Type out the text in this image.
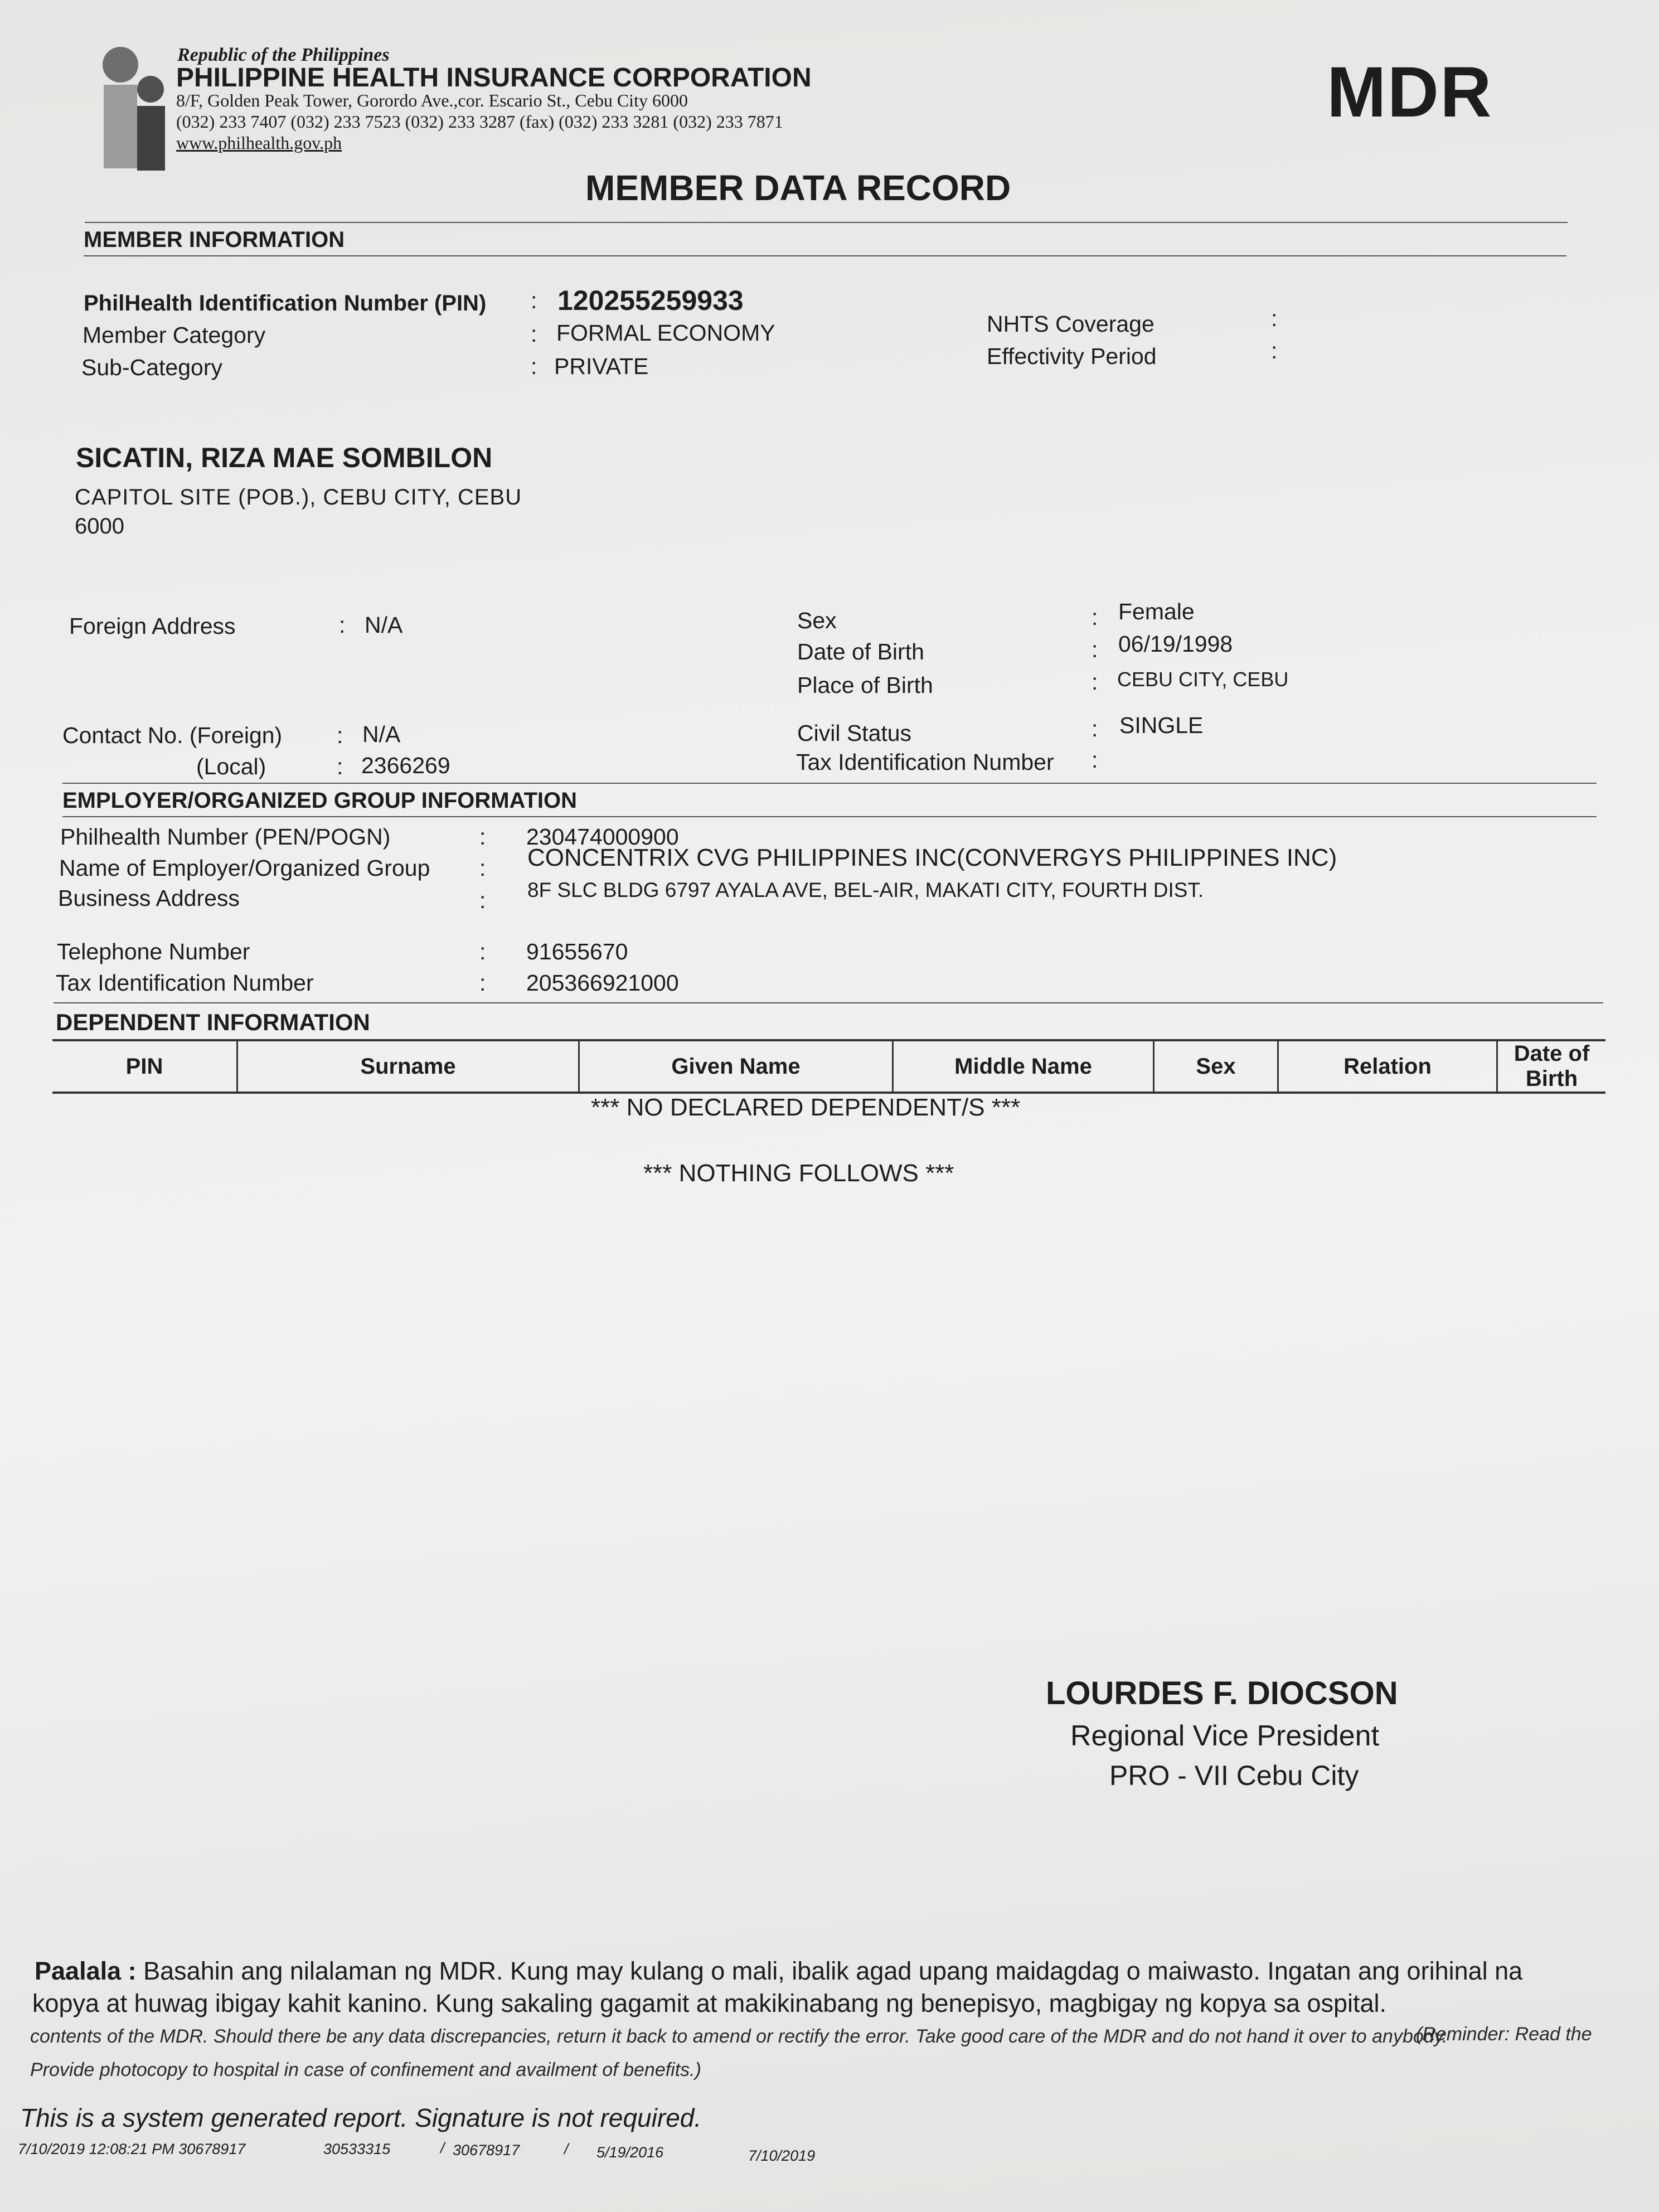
Republic of the Philippines
PHILIPPINE HEALTH INSURANCE CORPORATION
8/F, Golden Peak Tower, Gorordo Ave.,cor. Escario St., Cebu City 6000
(032) 233 7407 (032) 233 7523 (032) 233 3287 (fax) (032) 233 3281 (032) 233 7871
www.philhealth.gov.ph
MDR
MEMBER DATA RECORD
MEMBER INFORMATION
PhilHealth Identification Number (PIN) : 120255259933
Member Category	: FORMAL ECONOMY
Sub-Category	: PRIVATE
NHTS Coverage	:
Effectivity Period	:
SICATIN, RIZA MAE SOMBILON
CAPITOL SITE (POB.), CEBU CITY, CEBU
6000
Foreign Address	: N/A
Contact No. (Foreign) : N/A
(Local)	: 2366269
Sex	: Female
Date of Birth	: 06/19/1998
Place of Birth	: CEBU CITY, CEBU
Civil Status	: SINGLE
Tax Identification Number :
EMPLOYER/ORGANIZED GROUP INFORMATION
Philhealth Number (PEN/POGN)	: 230474000900
Name of Employer/Organized Group : CONCENTRIX CVG PHILIPPINES INC(CONVERGYS PHILIPPINES INC)
Business Address	: 8F SLC BLDG 6797 AYALA AVE, BEL-AIR, MAKATI CITY, FOURTH DIST.
Telephone Number	: 91655670
Tax Identification Number	: 205366921000
DEPENDENT INFORMATION
PIN	Surname	Given Name	Middle Name	Sex	Relation	Date of Birth
*** NO DECLARED DEPENDENT/S ***
*** NOTHING FOLLOWS ***
LOURDES F. DIOCSON
Regional Vice President
PRO - VII Cebu City
Paalala : Basahin ang nilalaman ng MDR. Kung may kulang o mali, ibalik agad upang maidagdag o maiwasto. Ingatan ang orihinal na
kopya at huwag ibigay kahit kanino. Kung sakaling gagamit at makikinabang ng benepisyo, magbigay ng kopya sa ospital.
contents of the MDR. Should there be any data discrepancies, return it back to amend or rectify the error. Take good care of the MDR and do not hand it over to anybody.
(Reminder: Read the
Provide photocopy to hospital in case of confinement and availment of benefits.)
This is a system generated report. Signature is not required.
7/10/2019 12:08:21 PM 30678917	30533315	/ 30678917	/ 5/19/2016	7/10/2019
